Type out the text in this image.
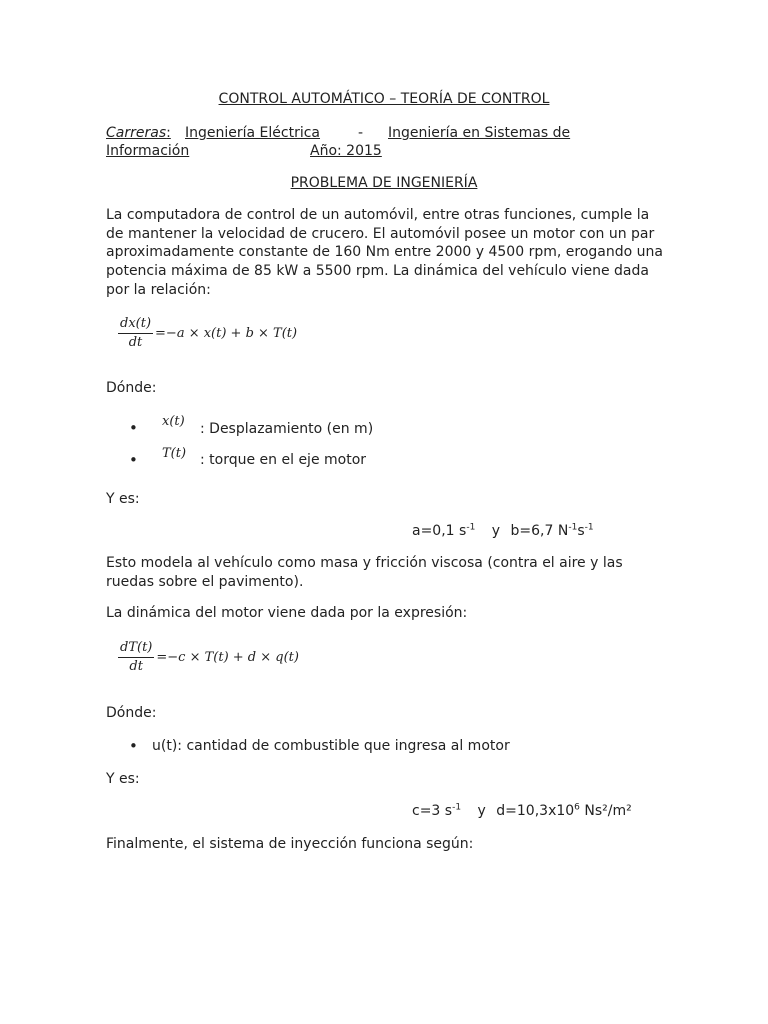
CONTROL AUTOMÁTICO – TEORÍA DE CONTROL
Carreras: Ingeniería Eléctrica	- Ingeniería en Sistemas de
Información	Año: 2015
PROBLEMA DE INGENIERÍA
La computadora de control de un automóvil, entre otras funciones, cumple la de mantener la velocidad de crucero. El automóvil posee un motor con un par aproximadamente constante de 160 Nm entre 2000 y 4500 rpm, erogando una potencia máxima de 85 kW a 5500 rpm. La dinámica del vehículo viene dada por la relación:
$\frac{dx(t)}{dt} =-a \times x(t) + b \times T(t)$
Dónde:
• x(t) : Desplazamiento (en m)
• T(t) : torque en el eje motor
Y es:
a=0,1 $s^{-1}$ y b=6,7 $N^{-1}s^{-1}$
Esto modela al vehículo como masa y fricción viscosa (contra el aire y las ruedas sobre el pavimento).
La dinámica del motor viene dada por la expresión:
$\frac{dT(t)}{dt} =-c \times T(t) + d \times q(t)$
Dónde:
• u(t): cantidad de combustible que ingresa al motor
Y es:
c=3 $s^{-1}$ y $d=10,3x10^6$ Ns²/m²
Finalmente, el sistema de inyección funciona según:
